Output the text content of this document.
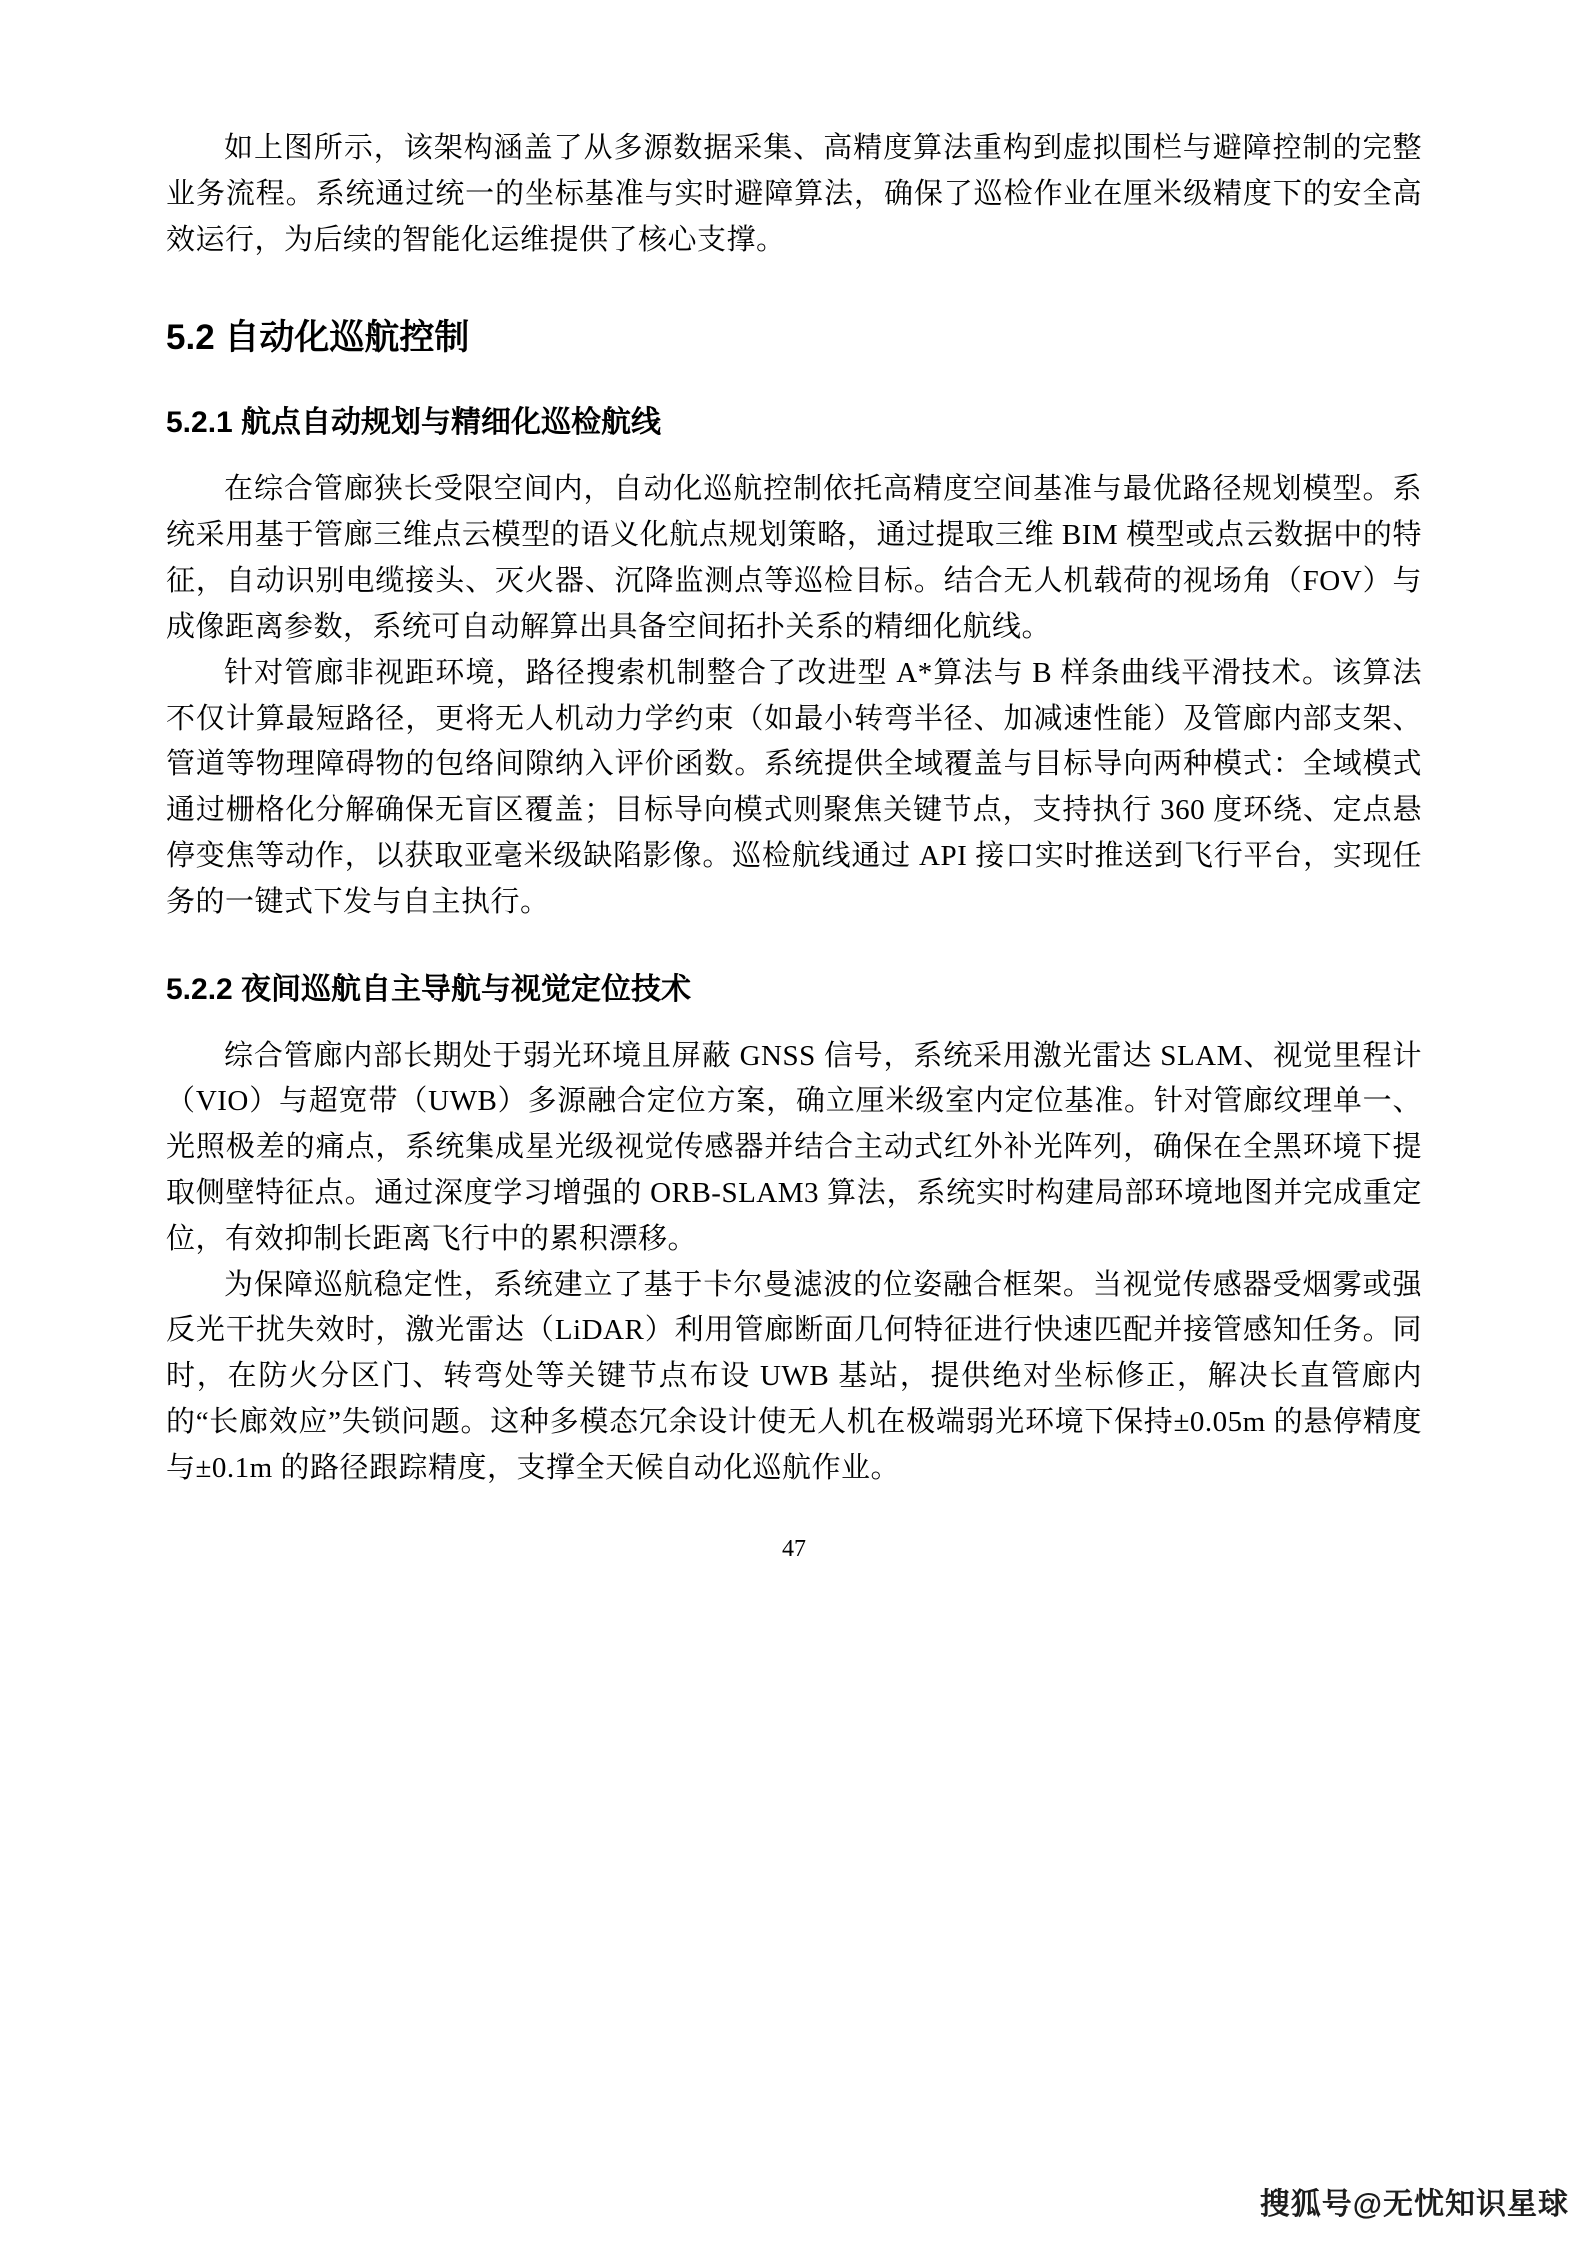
如上图所示，该架构涵盖了从多源数据采集、高精度算法重构到虚拟围栏与避障控制的完整业务流程。系统通过统一的坐标基准与实时避障算法，确保了巡检作业在厘米级精度下的安全高效运行，为后续的智能化运维提供了核心支撑。

5.2 自动化巡航控制
5.2.1 航点自动规划与精细化巡检航线

在综合管廊狭长受限空间内，自动化巡航控制依托高精度空间基准与最优路径规划模型。系统采用基于管廊三维点云模型的语义化航点规划策略，通过提取三维 BIM 模型或点云数据中的特征，自动识别电缆接头、灭火器、沉降监测点等巡检目标。结合无人机载荷的视场角（FOV）与成像距离参数，系统可自动解算出具备空间拓扑关系的精细化航线。

针对管廊非视距环境，路径搜索机制整合了改进型 A*算法与 B 样条曲线平滑技术。该算法不仅计算最短路径，更将无人机动力学约束（如最小转弯半径、加减速性能）及管廊内部支架、管道等物理障碍物的包络间隙纳入评价函数。系统提供全域覆盖与目标导向两种模式：全域模式通过栅格化分解确保无盲区覆盖；目标导向模式则聚焦关键节点，支持执行 360 度环绕、定点悬停变焦等动作，以获取亚毫米级缺陷影像。巡检航线通过 API 接口实时推送到飞行平台，实现任务的一键式下发与自主执行。

5.2.2 夜间巡航自主导航与视觉定位技术

综合管廊内部长期处于弱光环境且屏蔽 GNSS 信号，系统采用激光雷达 SLAM、视觉里程计（VIO）与超宽带（UWB）多源融合定位方案，确立厘米级室内定位基准。针对管廊纹理单一、光照极差的痛点，系统集成星光级视觉传感器并结合主动式红外补光阵列，确保在全黑环境下提取侧壁特征点。通过深度学习增强的 ORB-SLAM3 算法，系统实时构建局部环境地图并完成重定位，有效抑制长距离飞行中的累积漂移。

为保障巡航稳定性，系统建立了基于卡尔曼滤波的位姿融合框架。当视觉传感器受烟雾或强反光干扰失效时，激光雷达（LiDAR）利用管廊断面几何特征进行快速匹配并接管感知任务。同时，在防火分区门、转弯处等关键节点布设 UWB 基站，提供绝对坐标修正，解决长直管廊内的“长廊效应”失锁问题。这种多模态冗余设计使无人机在极端弱光环境下保持±0.05m 的悬停精度与±0.1m 的路径跟踪精度，支撑全天候自动化巡航作业。

47
搜狐号@无忧知识星球
